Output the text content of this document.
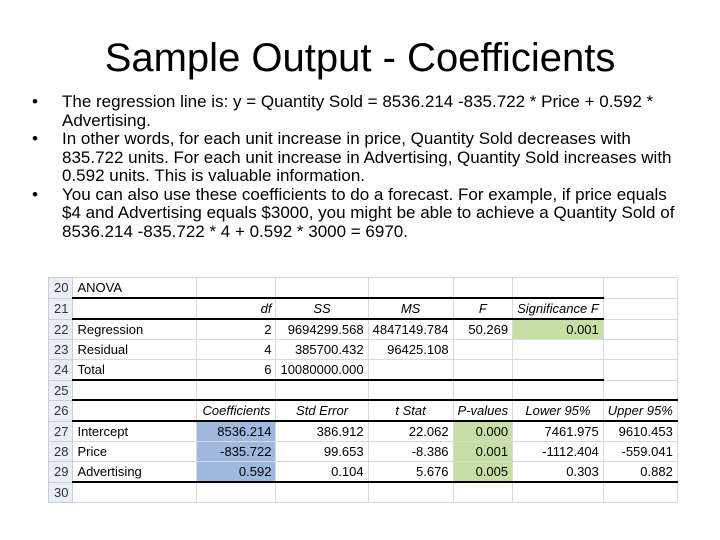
Sample Output - Coefficients
• The regression line is: y = Quantity Sold = 8536.214 -835.722 * Price + 0.592 * Advertising.
• In other words, for each unit increase in price, Quantity Sold decreases with 835.722 units. For each unit increase in Advertising, Quantity Sold increases with 0.592 units. This is valuable information.
• You can also use these coefficients to do a forecast. For example, if price equals $4 and Advertising equals $3000, you might be able to achieve a Quantity Sold of 8536.214 -835.722 * 4 + 0.592 * 3000 = 6970.
20	ANOVA						
21		df	SS	MS	F	Significance F	
22	Regression	2	9694299.568	4847149.784	50.269	0.001	
23	Residual	4	385700.432	96425.108			
24	Total	6	10080000.000				
25							
26		Coefficients	Std Error	t Stat	P-values	Lower 95%	Upper 95%
27	Intercept	8536.214	386.912	22.062	0.000	7461.975	9610.453
28	Price	-835.722	99.653	-8.386	0.001	-1112.404	-559.041
29	Advertising	0.592	0.104	5.676	0.005	0.303	0.882
30							
